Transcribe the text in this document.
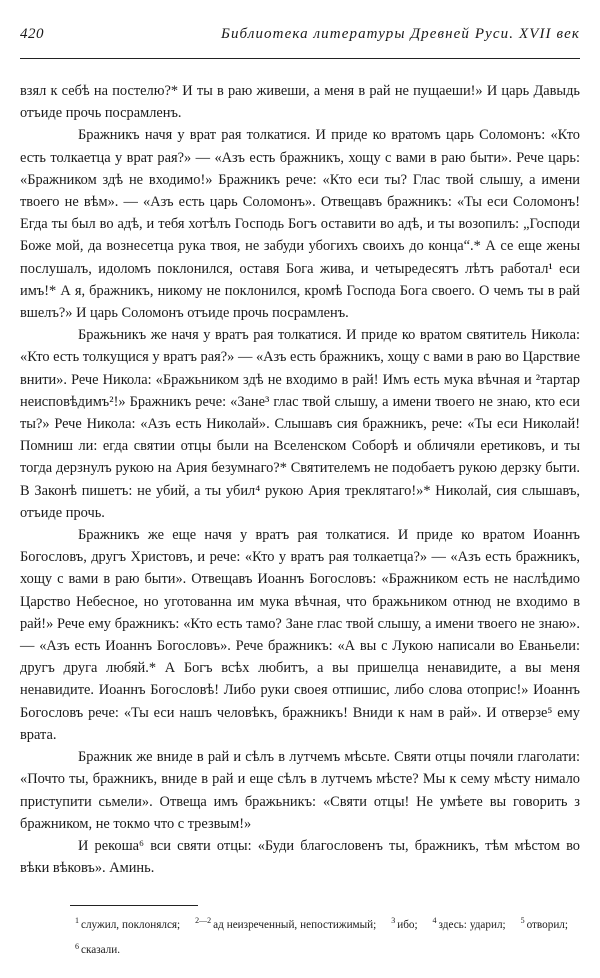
420	Библиотека литературы Древней Руси. XVII век

взял к себѣ на постелю?* И ты в раю живеши, а меня в рай не пущаеши!» И царь Давыдь отъиде прочь посрамленъ.

Бражникъ начя у врат рая толкатися. И приде ко вратомъ царь Соломонъ: «Кто есть толкаетца у врат рая?» — «Азъ есть бражникъ, хощу с вами в раю быти». Рече царь: «Бражником здѣ не входимо!» Бражникъ рече: «Кто еси ты? Глас твой слышу, а имени твоего не вѣм». — «Азъ есть царь Соломонъ». Отвещавъ бражникъ: «Ты еси Соломонъ! Егда ты был во адѣ, и тебя хотѣлъ Господь Богъ оставити во адѣ, и ты возопилъ: „Господи Боже мой, да вознесетца рука твоя, не забуди убогихъ своихъ до конца“.* А се еще жены послушалъ, идоломъ поклонился, оставя Бога жива, и четыредесятъ лѣтъ работал¹ еси имъ!* А я, бражникъ, никому не поклонился, кромѣ Господа Бога своего. О чемъ ты в рай вшелъ?» И царь Соломонъ отъиде прочь посрамленъ.

Бражьникъ же начя у вратъ рая толкатися. И приде ко вратом святитель Никола: «Кто есть толкущися у вратъ рая?» — «Азъ есть бражникъ, хощу с вами в раю во Царствие внити». Рече Никола: «Бражьником здѣ не входимо в рай! Имъ есть мука вѣчная и ²тартар неисповѣдимъ²!» Бражникъ рече: «Занe³ глас твой слышу, а имени твоего не знаю, кто еси ты?» Рече Никола: «Азъ есть Николай». Слышавъ сия бражникъ, рече: «Ты еси Николай! Помниш ли: егда святии отцы были на Вселенском Соборѣ и обличяли еретиковъ, и ты тогда дерзнулъ рукою на Ария безумнаго?* Святителемъ не подобаетъ рукою дерзку быти. В Законѣ пишетъ: не убий, а ты убил⁴ рукою Ария треклятаго!»* Николай, сия слышавъ, отъиде прочь.

Бражникъ же еще начя у вратъ рая толкатися. И приде ко вратом Иоаннъ Богословъ, другъ Христовъ, и рече: «Кто у вратъ рая толкаетца?» — «Азъ есть бражникъ, хощу с вами в раю быти». Отвещавъ Иоаннъ Богословъ: «Бражником есть не наслѣдимо Царство Небесное, но уготованна им мука вѣчная, что бражьником отнюд не входимо в рай!» Рече ему бражникъ: «Кто есть тамо? Зане глас твой слышу, а имени твоего не знаю». — «Азъ есть Иоаннъ Богословъ». Рече бражникъ: «А вы с Лукою написали во Еваньели: другъ друга любяй.* А Богъ всѣх любитъ, а вы пришелца ненавидите, а вы меня ненавидите. Иоаннъ Богословѣ! Либо руки своея отпишис, либо слова отоприс!» Иоаннъ Богословъ рече: «Ты еси нашъ человѣкъ, бражникъ! Вниди к нам в рай». И отверзе⁵ ему врата.

Бражник же вниде в рай и сѣлъ в лутчемъ мѣсьте. Святи отцы почяли глаголати: «Почто ты, бражникъ, вниде в рай и еще сѣлъ в лутчемъ мѣсте? Мы к сему мѣсту нимало приступити сьмели». Отвеща имъ бражьникъ: «Святи отцы! Не умѣете вы говорить з бражником, не токмо что с трезвым!»

И рекоша⁶ вси святи отцы: «Буди благословенъ ты, бражникъ, тѣм мѣстом во вѣки вѣковъ». Аминь.

$^1$ служил, поклонялся; $^{2—2}$ ад неизреченный, непостижимый; $^3$ ибо; $^4$ здесь: ударил; $^5$ отворил; $^6$ сказали.
